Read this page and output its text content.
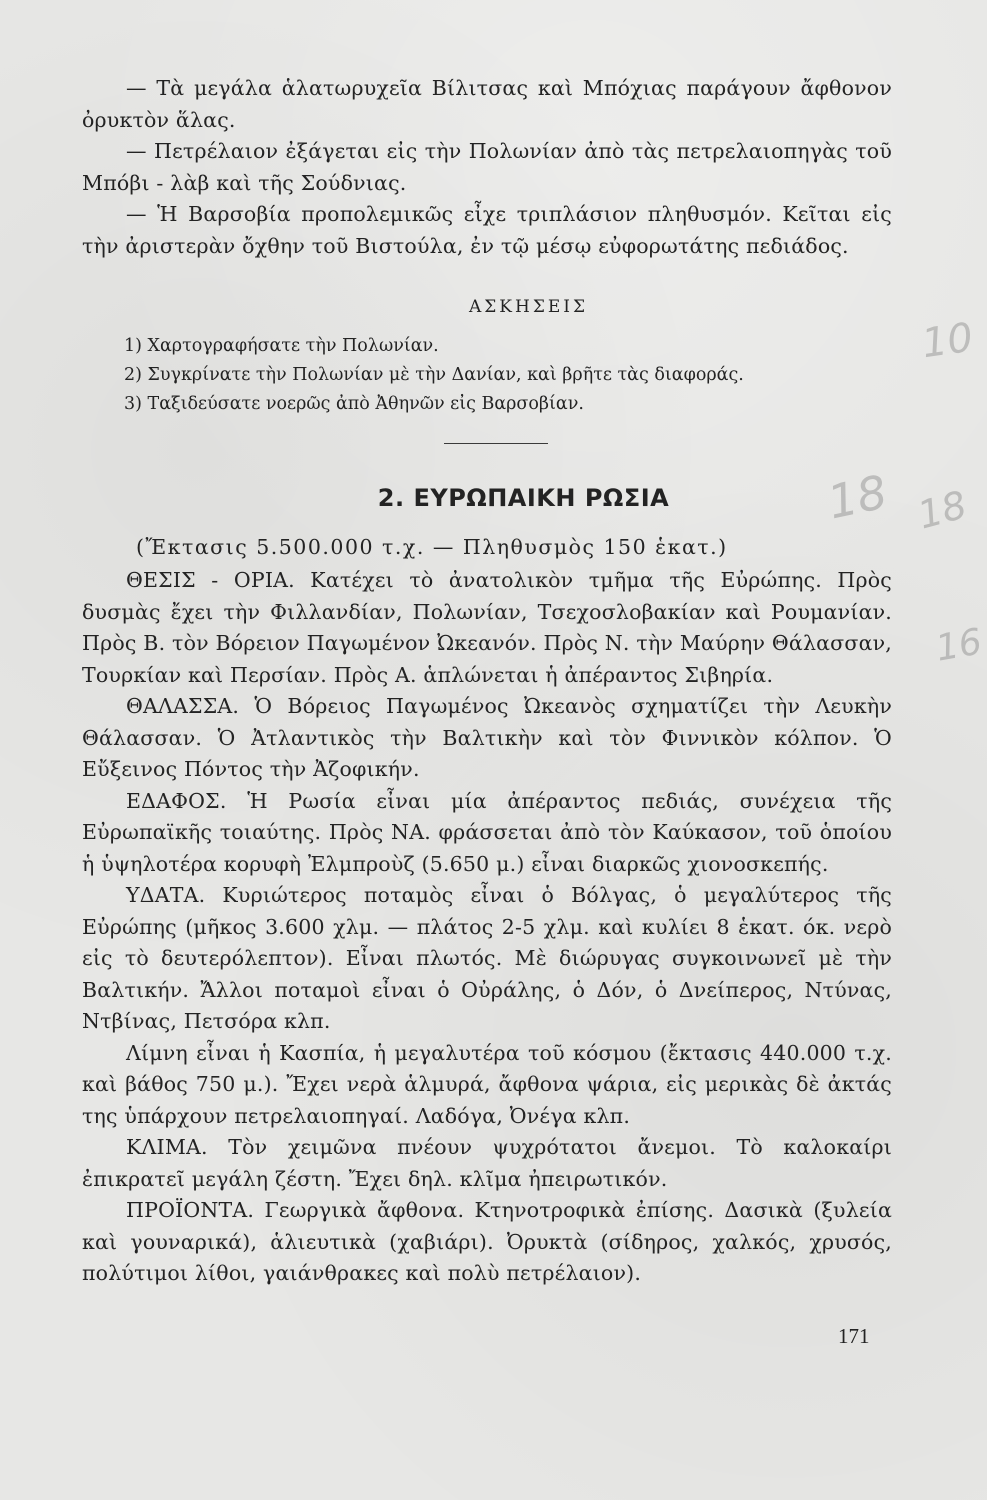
— Τὰ μεγάλα ἁλατωρυχεῖα Βίλιτσας καὶ Μπόχιας παράγουν ἄφθονον ὀρυκτὸν ἅλας.

— Πετρέλαιον ἐξάγεται εἰς τὴν Πολωνίαν ἀπὸ τὰς πετρελαιοπηγὰς τοῦ Μπόβι - λὰβ καὶ τῆς Σούδνιας.

— Ἡ Βαρσοβία προπολεμικῶς εἶχε τριπλάσιον πληθυσμόν. Κεῖται εἰς τὴν ἀριστερὰν ὄχθην τοῦ Βιστούλα, ἐν τῷ μέσῳ εὐφορωτάτης πεδιάδος.

ΑΣΚΗΣΕΙΣ

1) Χαρτογραφήσατε τὴν Πολωνίαν.

2) Συγκρίνατε τὴν Πολωνίαν μὲ τὴν Δανίαν, καὶ βρῆτε τὰς διαφοράς.

3) Ταξιδεύσατε νοερῶς ἀπὸ Ἀθηνῶν εἰς Βαρσοβίαν.

2. ΕΥΡΩΠΑΙΚΗ ΡΩΣΙΑ
(Ἔκτασις 5.500.000 τ.χ. — Πληθυσμὸς 150 ἑκατ.)

ΘΕΣΙΣ - ΟΡΙΑ. Κατέχει τὸ ἀνατολικὸν τμῆμα τῆς Εὐρώπης. Πρὸς δυσμὰς ἔχει τὴν Φιλλανδίαν, Πολωνίαν, Τσεχοσλοβακίαν καὶ Ρουμανίαν. Πρὸς Β. τὸν Βόρειον Παγωμένον Ὠκεανόν. Πρὸς Ν. τὴν Μαύρην Θάλασσαν, Τουρκίαν καὶ Περσίαν. Πρὸς Α. ἁπλώνεται ἡ ἀπέραντος Σιβηρία.

ΘΑΛΑΣΣΑ. Ὁ Βόρειος Παγωμένος Ὠκεανὸς σχηματίζει τὴν Λευκὴν Θάλασσαν. Ὁ Ἀτλαντικὸς τὴν Βαλτικὴν καὶ τὸν Φιννικὸν κόλπον. Ὁ Εὔξεινος Πόντος τὴν Ἀζοφικήν.

ΕΔΑΦΟΣ. Ἡ Ρωσία εἶναι μία ἀπέραντος πεδιάς, συνέχεια τῆς Εὐρωπαϊκῆς τοιαύτης. Πρὸς ΝΑ. φράσσεται ἀπὸ τὸν Καύκασον, τοῦ ὁποίου ἡ ὑψηλοτέρα κορυφὴ Ἐλμπροὺζ (5.650 μ.) εἶναι διαρκῶς χιονοσκεπής.

ΥΔΑΤΑ. Κυριώτερος ποταμὸς εἶναι ὁ Βόλγας, ὁ μεγαλύτερος τῆς Εὐρώπης (μῆκος 3.600 χλμ. — πλάτος 2-5 χλμ. καὶ κυλίει 8 ἑκατ. όκ. νερὸ εἰς τὸ δευτερόλεπτον). Εἶναι πλωτός. Μὲ διώρυγας συγκοινωνεῖ μὲ τὴν Βαλτικήν. Ἄλλοι ποταμοὶ εἶναι ὁ Οὐράλης, ὁ Δόν, ὁ Δνείπερος, Ντύνας, Ντβίνας, Πετσόρα κλπ.

Λίμνη εἶναι ἡ Κασπία, ἡ μεγαλυτέρα τοῦ κόσμου (ἔκτασις 440.000 τ.χ. καὶ βάθος 750 μ.). Ἔχει νερὰ ἁλμυρά, ἄφθονα ψάρια, εἰς μερικὰς δὲ ἀκτάς της ὑπάρχουν πετρελαιοπηγαί. Λαδόγα, Ὀνέγα κλπ.

ΚΛΙΜΑ. Τὸν χειμῶνα πνέουν ψυχρότατοι ἄνεμοι. Τὸ καλοκαίρι ἐπικρατεῖ μεγάλη ζέστη. Ἔχει δηλ. κλῖμα ἠπειρωτικόν.

ΠΡΟΪΟΝΤΑ. Γεωργικὰ ἄφθονα. Κτηνοτροφικὰ ἐπίσης. Δασικὰ (ξυλεία καὶ γουναρικά), ἁλιευτικὰ (χαβιάρι). Ὀρυκτὰ (σίδηρος, χαλκός, χρυσός, πολύτιμοι λίθοι, γαιάνθρακες καὶ πολὺ πετρέλαιον).

171
10
18 18
16
